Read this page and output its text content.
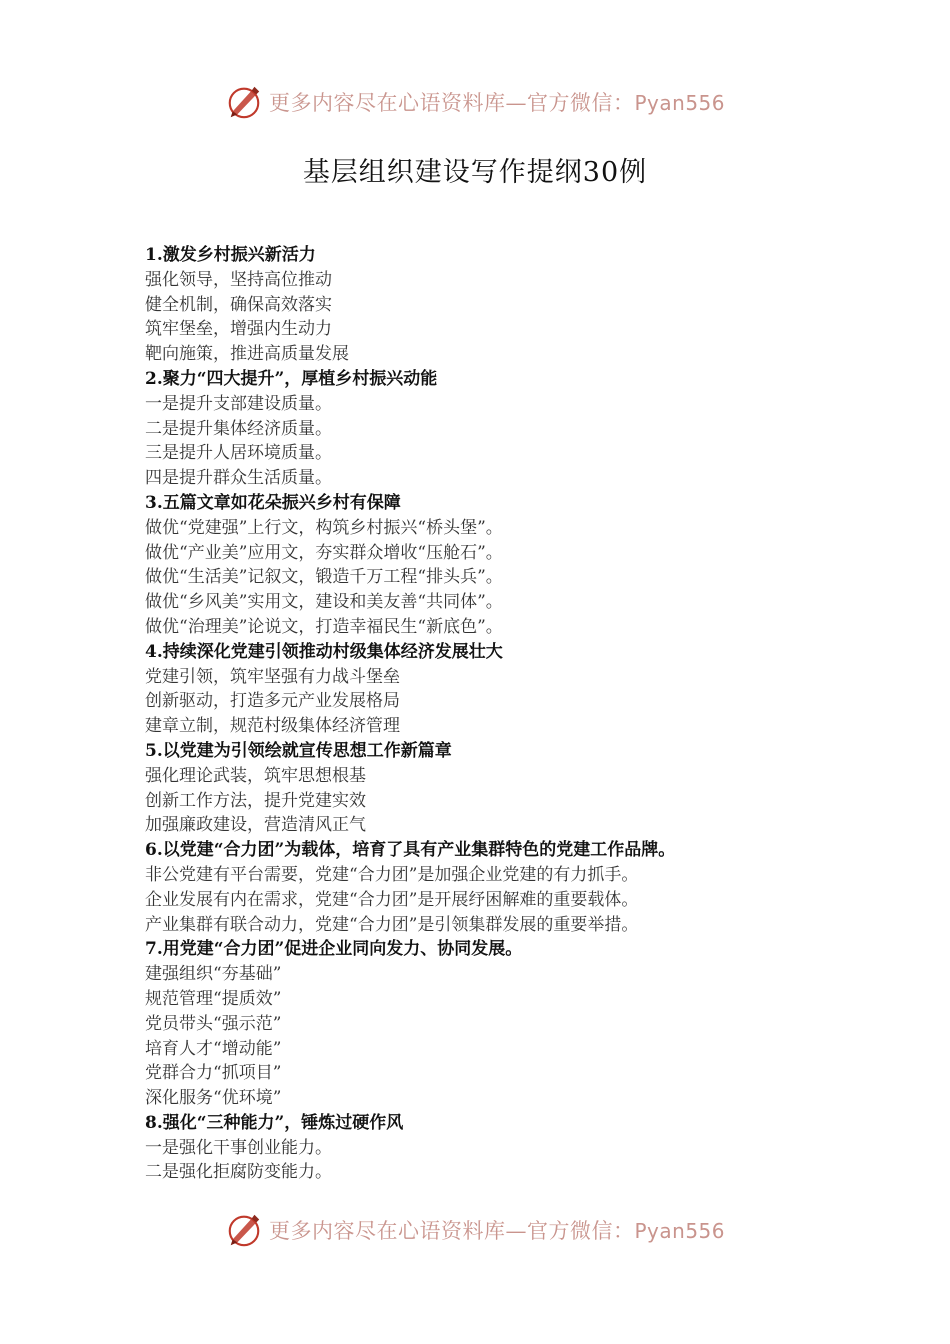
更多内容尽在心语资料库—官方微信：Pyan556
基层组织建设写作提纲30例
1.激发乡村振兴新活力
强化领导，坚持高位推动
健全机制，确保高效落实
筑牢堡垒，增强内生动力
靶向施策，推进高质量发展
2.聚力“四大提升”，厚植乡村振兴动能
一是提升支部建设质量。
二是提升集体经济质量。
三是提升人居环境质量。
四是提升群众生活质量。
3.五篇文章如花朵振兴乡村有保障
做优“党建强”上行文，构筑乡村振兴“桥头堡”。
做优“产业美”应用文，夯实群众增收“压舱石”。
做优“生活美”记叙文，锻造千万工程“排头兵”。
做优“乡风美”实用文，建设和美友善“共同体”。
做优“治理美”论说文，打造幸福民生“新底色”。
4.持续深化党建引领推动村级集体经济发展壮大
党建引领，筑牢坚强有力战斗堡垒
创新驱动，打造多元产业发展格局
建章立制，规范村级集体经济管理
5.以党建为引领绘就宣传思想工作新篇章
强化理论武装，筑牢思想根基
创新工作方法，提升党建实效
加强廉政建设，营造清风正气
6.以党建“合力团”为载体，培育了具有产业集群特色的党建工作品牌。
非公党建有平台需要，党建“合力团”是加强企业党建的有力抓手。
企业发展有内在需求，党建“合力团”是开展纾困解难的重要载体。
产业集群有联合动力，党建“合力团”是引领集群发展的重要举措。
7.用党建“合力团”促进企业同向发力、协同发展。
建强组织“夯基础”
规范管理“提质效”
党员带头“强示范”
培育人才“增动能”
党群合力“抓项目”
深化服务“优环境”
8.强化“三种能力”，锤炼过硬作风
一是强化干事创业能力。
二是强化拒腐防变能力。
更多内容尽在心语资料库—官方微信：Pyan556
